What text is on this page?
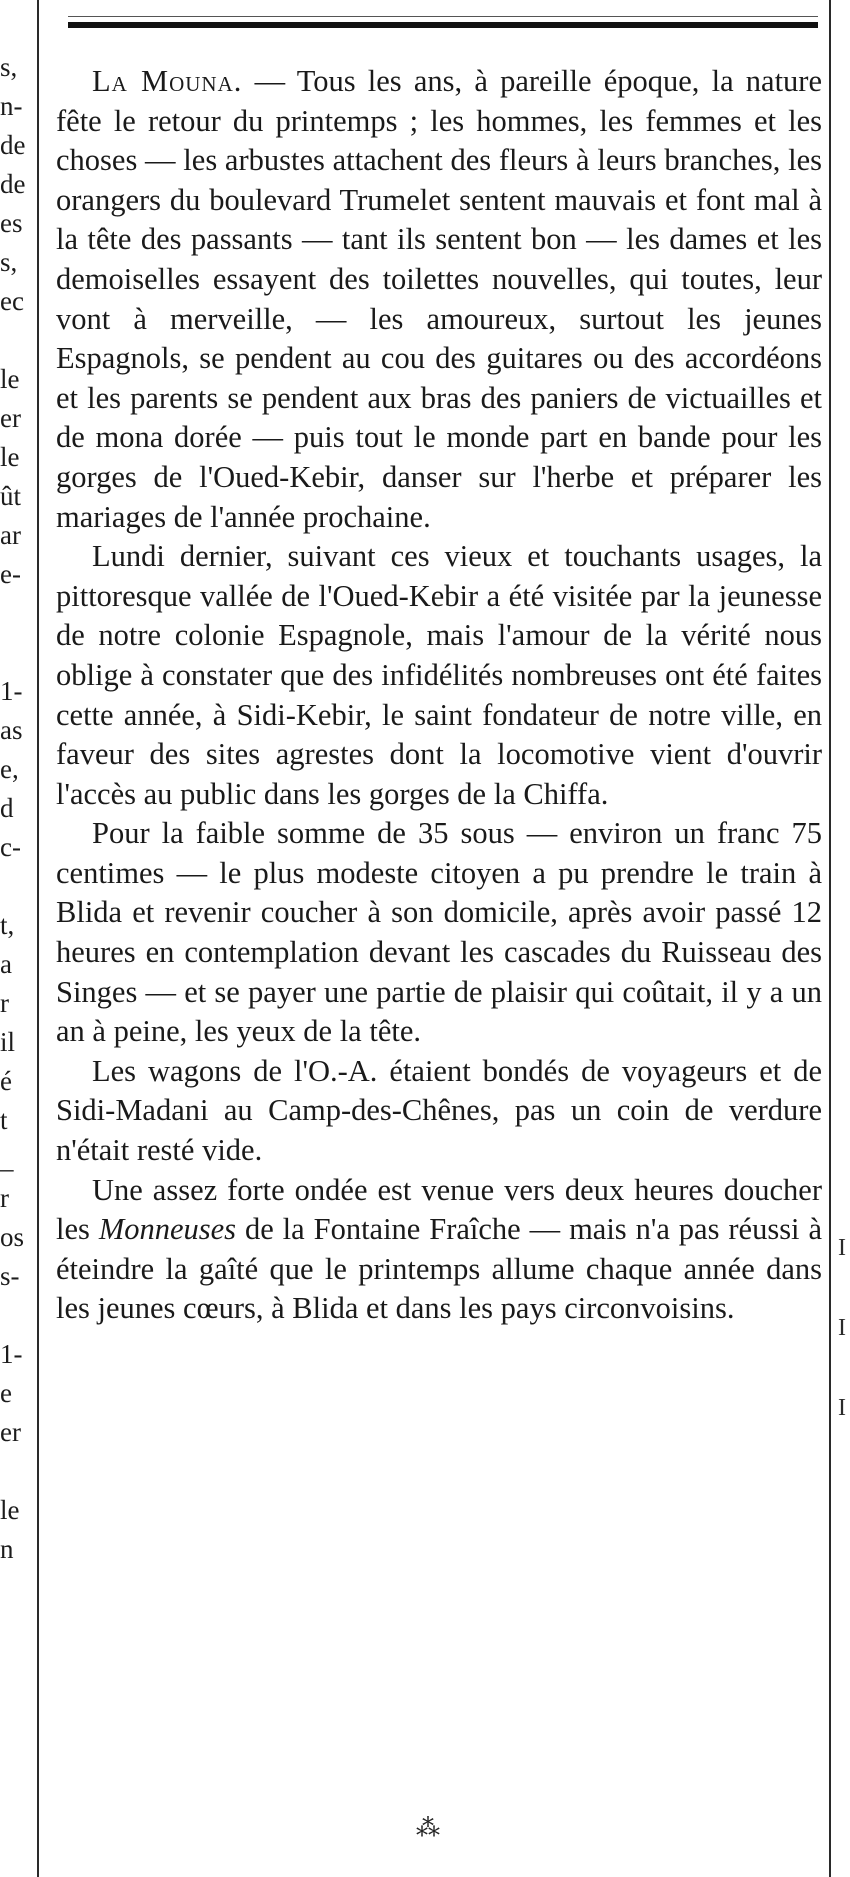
s,
n-
de
de
es
s,
ec
le
er
le
ût
ar
e-
1-
as
e,
d
c-
t,
a
r
il
é
t
_
r
os
s-
1-
e
er
le
n
I
I
I

La Mouna. — Tous les ans, à pareille époque, la nature fête le retour du printemps ; les hommes, les femmes et les choses — les arbustes attachent des fleurs à leurs branches, les orangers du boulevard Trumelet sentent mauvais et font mal à la tête des passants — tant ils sentent bon — les dames et les demoiselles essayent des toilettes nouvelles, qui toutes, leur vont à merveille, — les amoureux, surtout les jeunes Espagnols, se pendent au cou des guitares ou des accordéons et les parents se pendent aux bras des paniers de victuailles et de mona dorée — puis tout le monde part en bande pour les gorges de l'Oued-Kebir, danser sur l'herbe et préparer les mariages de l'année prochaine.

Lundi dernier, suivant ces vieux et touchants usages, la pittoresque vallée de l'Oued-Kebir a été visitée par la jeunesse de notre colonie Espagnole, mais l'amour de la vérité nous oblige à constater que des infidélités nombreuses ont été faites cette année, à Sidi-Kebir, le saint fondateur de notre ville, en faveur des sites agrestes dont la locomotive vient d'ouvrir l'accès au public dans les gorges de la Chiffa.

Pour la faible somme de 35 sous — environ un franc 75 centimes — le plus modeste citoyen a pu prendre le train à Blida et revenir coucher à son domicile, après avoir passé 12 heures en contemplation devant les cascades du Ruisseau des Singes — et se payer une partie de plaisir qui coûtait, il y a un an à peine, les yeux de la tête.

Les wagons de l'O.-A. étaient bondés de voyageurs et de Sidi-Madani au Camp-des-Chênes, pas un coin de verdure n'était resté vide.

Une assez forte ondée est venue vers deux heures doucher les Monneuses de la Fontaine Fraîche — mais n'a pas réussi à éteindre la gaîté que le printemps allume chaque année dans les jeunes cœurs, à Blida et dans les pays circonvoisins.

⁂
